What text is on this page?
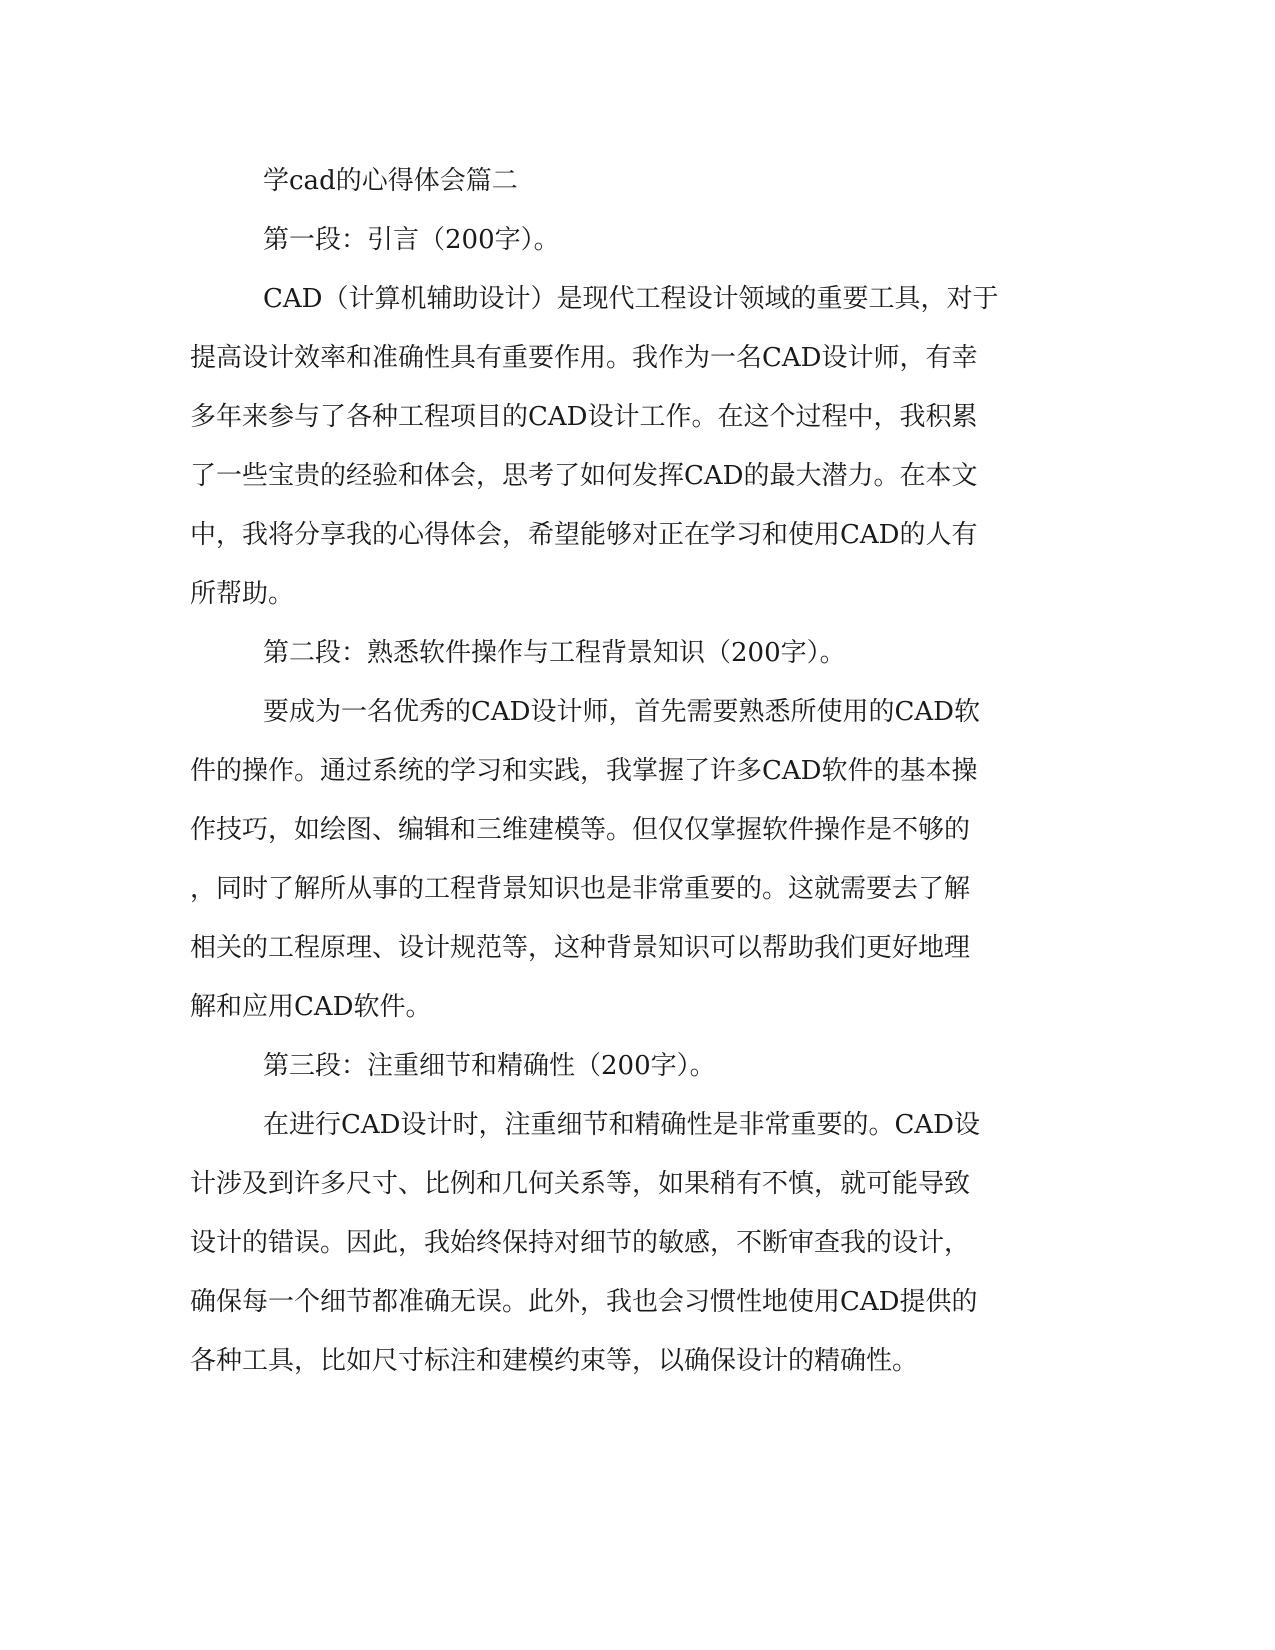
学cad的心得体会篇二
第一段：引言（200字）。
CAD（计算机辅助设计）是现代工程设计领域的重要工具，对于
提高设计效率和准确性具有重要作用。我作为一名CAD设计师，有幸
多年来参与了各种工程项目的CAD设计工作。在这个过程中，我积累
了一些宝贵的经验和体会，思考了如何发挥CAD的最大潜力。在本文
中，我将分享我的心得体会，希望能够对正在学习和使用CAD的人有
所帮助。
第二段：熟悉软件操作与工程背景知识（200字）。
要成为一名优秀的CAD设计师，首先需要熟悉所使用的CAD软
件的操作。通过系统的学习和实践，我掌握了许多CAD软件的基本操
作技巧，如绘图、编辑和三维建模等。但仅仅掌握软件操作是不够的
，同时了解所从事的工程背景知识也是非常重要的。这就需要去了解
相关的工程原理、设计规范等，这种背景知识可以帮助我们更好地理
解和应用CAD软件。
第三段：注重细节和精确性（200字）。
在进行CAD设计时，注重细节和精确性是非常重要的。CAD设
计涉及到许多尺寸、比例和几何关系等，如果稍有不慎，就可能导致
设计的错误。因此，我始终保持对细节的敏感，不断审查我的设计，
确保每一个细节都准确无误。此外，我也会习惯性地使用CAD提供的
各种工具，比如尺寸标注和建模约束等，以确保设计的精确性。
